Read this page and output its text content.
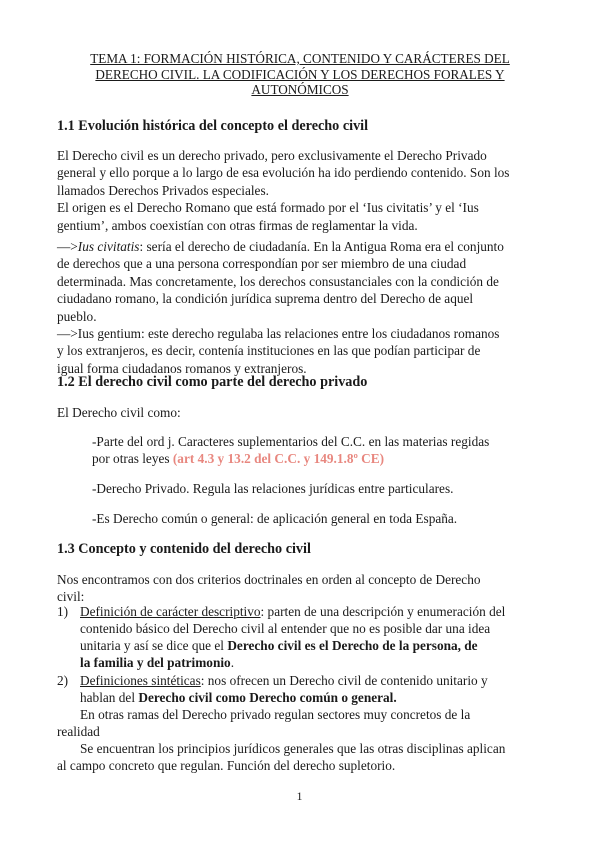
TEMA 1: FORMACIÓN HISTÓRICA, CONTENIDO Y CARÁCTERES DEL
DERECHO CIVIL. LA CODIFICACIÓN Y LOS DERECHOS FORALES Y
AUTONÓMICOS
1.1 Evolución histórica del concepto el derecho civil
El Derecho civil es un derecho privado, pero exclusivamente el Derecho Privado
general y ello porque a lo largo de esa evolución ha ido perdiendo contenido. Son los
llamados Derechos Privados especiales.
El origen es el Derecho Romano que está formado por el ‘Ius civitatis’ y el ‘Ius
gentium’, ambos coexistían con otras firmas de reglamentar la vida.
—>Ius civitatis: sería el derecho de ciudadanía. En la Antigua Roma era el conjunto
de derechos que a una persona correspondían por ser miembro de una ciudad
determinada. Mas concretamente, los derechos consustanciales con la condición de
ciudadano romano, la condición jurídica suprema dentro del Derecho de aquel
pueblo.
—>Ius gentium: este derecho regulaba las relaciones entre los ciudadanos romanos
y los extranjeros, es decir, contenía instituciones en las que podían participar de
igual forma ciudadanos romanos y extranjeros.
1.2 El derecho civil como parte del derecho privado
El Derecho civil como:
-Parte del ord j. Caracteres suplementarios del C.C. en las materias regidas
por otras leyes (art 4.3 y 13.2 del C.C. y 149.1.8º CE)
-Derecho Privado. Regula las relaciones jurídicas entre particulares.
-Es Derecho común o general: de aplicación general en toda España.
1.3 Concepto y contenido del derecho civil
Nos encontramos con dos criterios doctrinales en orden al concepto de Derecho
civil:
1) Definición de carácter descriptivo: parten de una descripción y enumeración del
contenido básico del Derecho civil al entender que no es posible dar una idea
unitaria y así se dice que el Derecho civil es el Derecho de la persona, de
la familia y del patrimonio.
2) Definiciones sintéticas: nos ofrecen un Derecho civil de contenido unitario y
hablan del Derecho civil como Derecho común o general.
En otras ramas del Derecho privado regulan sectores muy concretos de la
realidad
Se encuentran los principios jurídicos generales que las otras disciplinas aplican
al campo concreto que regulan. Función del derecho supletorio.
1
